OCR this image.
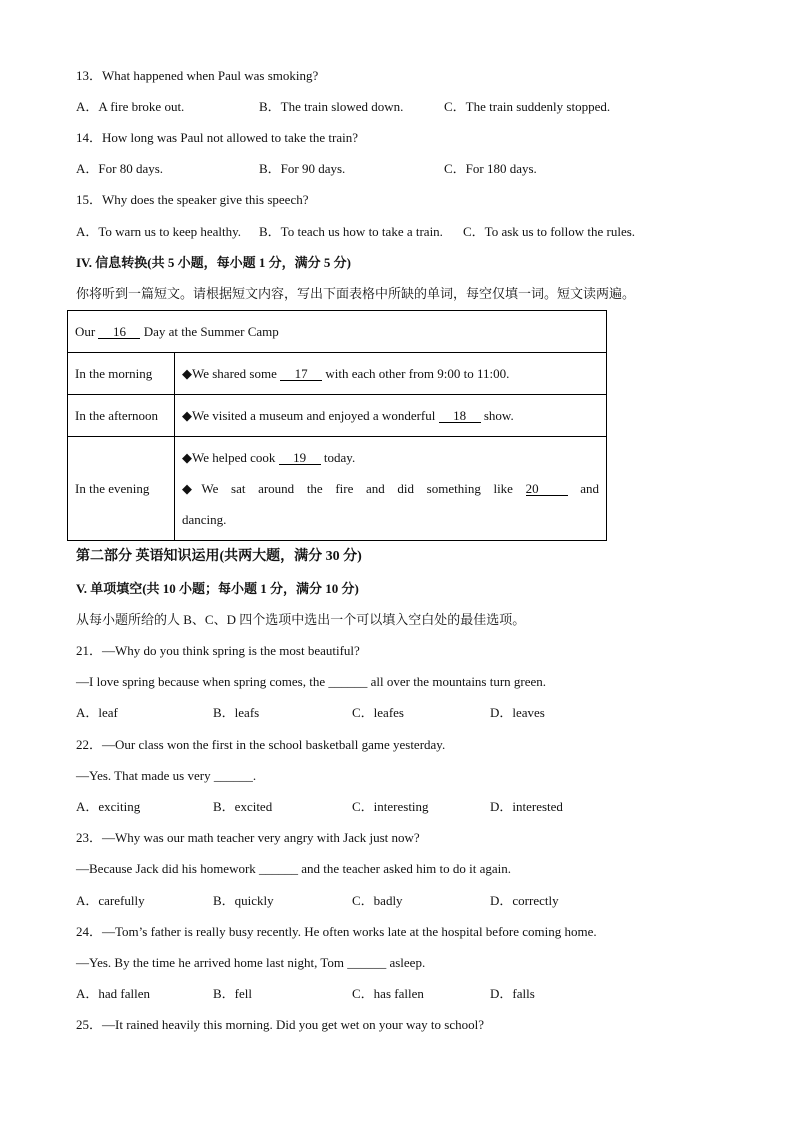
13．What happened when Paul was smoking?
A．A fire broke out.	B．The train slowed down.	C．The train suddenly stopped.
14．How long was Paul not allowed to take the train?
A．For 80 days.	B．For 90 days.	C．For 180 days.
15．Why does the speaker give this speech?
A．To warn us to keep healthy. B．To teach us how to take a train. C．To ask us to follow the rules.
IV. 信息转换(共 5 小题，每小题 1 分，满分 5 分)
你将听到一篇短文。请根据短文内容，写出下面表格中所缺的单词，每空仅填一词。短文读两遍。
Our 16 Day at the Summer Camp	
In the morning	◆We shared some 17 with each other from 9:00 to 11:00.
In the afternoon	◆We visited a museum and enjoyed a wonderful 18 show.
In the evening	◆We helped cook 19 today.
◆We sat around the fire and did something like 20 and
dancing.
第二部分 英语知识运用(共两大题，满分 30 分)
V. 单项填空(共 10 小题；每小题 1 分，满分 10 分)
从每小题所给的人 B、C、D 四个选项中选出一个可以填入空白处的最佳选项。
21．—Why do you think spring is the most beautiful?
—I love spring because when spring comes, the ______ all over the mountains turn green.
A．leaf	B．leafs	C．leafes	D．leaves
22．—Our class won the first in the school basketball game yesterday.
—Yes. That made us very ______.
A．exciting	B．excited	C．interesting	D．interested
23．—Why was our math teacher very angry with Jack just now?
—Because Jack did his homework ______ and the teacher asked him to do it again.
A．carefully	B．quickly	C．badly	D．correctly
24．—Tom’s father is really busy recently. He often works late at the hospital before coming home.
—Yes. By the time he arrived home last night, Tom ______ asleep.
A．had fallen	B．fell	C．has fallen	D．falls
25．—It rained heavily this morning. Did you get wet on your way to school?
